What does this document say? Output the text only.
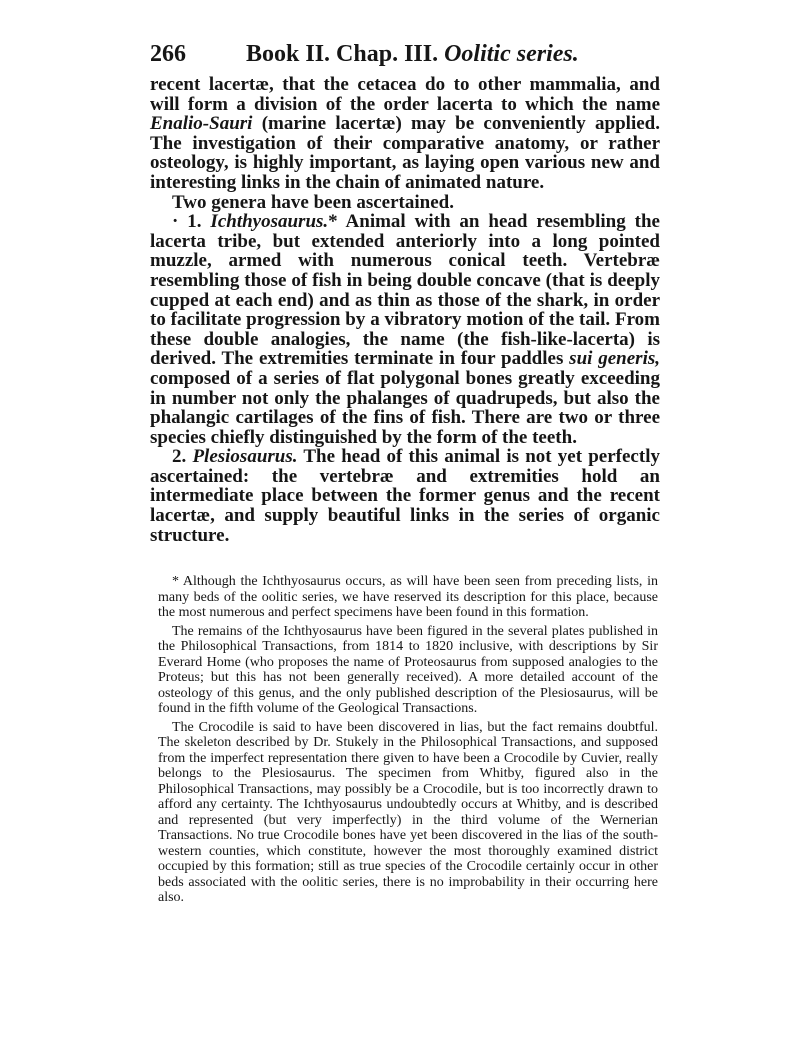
266	Book II. Chap. III. Oolitic series.

recent lacertæ, that the cetacea do to other mammalia, and will form a division of the order lacerta to which the name Enalio-Sauri (marine lacertæ) may be conveniently applied. The investigation of their comparative anatomy, or rather osteology, is highly important, as laying open various new and interesting links in the chain of animated nature.

Two genera have been ascertained.

· 1. Ichthyosaurus.* Animal with an head resembling the lacerta tribe, but extended anteriorly into a long pointed muzzle, armed with numerous conical teeth. Vertebræ resembling those of fish in being double concave (that is deeply cupped at each end) and as thin as those of the shark, in order to facilitate progression by a vibratory motion of the tail. From these double analogies, the name (the fish-like-lacerta) is derived. The extremities terminate in four paddles sui generis, composed of a series of flat polygonal bones greatly exceeding in number not only the phalanges of quadrupeds, but also the phalangic cartilages of the fins of fish. There are two or three species chiefly distinguished by the form of the teeth.

2. Plesiosaurus. The head of this animal is not yet perfectly ascertained: the vertebræ and extremities hold an intermediate place between the former genus and the recent lacertæ, and supply beautiful links in the series of organic structure.

* Although the Ichthyosaurus occurs, as will have been seen from preceding lists, in many beds of the oolitic series, we have reserved its description for this place, because the most numerous and perfect specimens have been found in this formation.

The remains of the Ichthyosaurus have been figured in the several plates published in the Philosophical Transactions, from 1814 to 1820 inclusive, with descriptions by Sir Everard Home (who proposes the name of Proteosaurus from supposed analogies to the Proteus; but this has not been generally received). A more detailed account of the osteology of this genus, and the only published description of the Plesiosaurus, will be found in the fifth volume of the Geological Transactions.

The Crocodile is said to have been discovered in lias, but the fact remains doubtful. The skeleton described by Dr. Stukely in the Philosophical Transactions, and supposed from the imperfect representation there given to have been a Crocodile by Cuvier, really belongs to the Plesiosaurus. The specimen from Whitby, figured also in the Philosophical Transactions, may possibly be a Crocodile, but is too incorrectly drawn to afford any certainty. The Ichthyosaurus undoubtedly occurs at Whitby, and is described and represented (but very imperfectly) in the third volume of the Wernerian Transactions. No true Crocodile bones have yet been discovered in the lias of the south-western counties, which constitute, however the most thoroughly examined district occupied by this formation; still as true species of the Crocodile certainly occur in other beds associated with the oolitic series, there is no improbability in their occurring here also.
